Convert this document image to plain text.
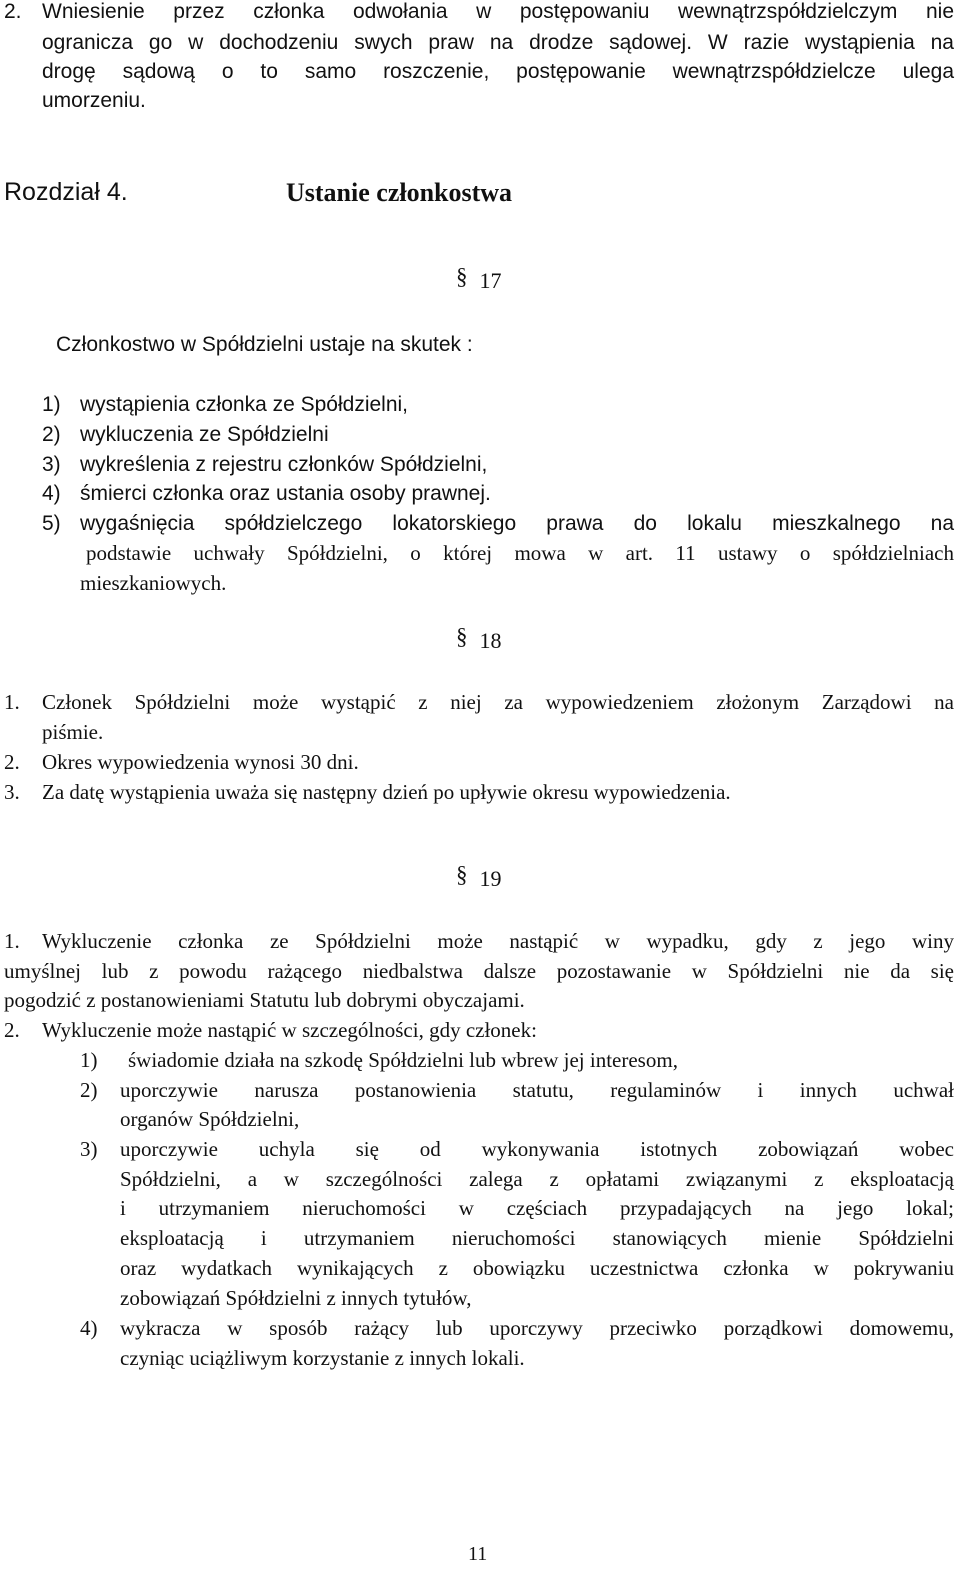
2. Wniesienie przez członka odwołania w postępowaniu wewnątrzspółdzielczym nie
ogranicza go w dochodzeniu swych praw na drodze sądowej. W razie wystąpienia na
drogę sądową o to samo roszczenie, postępowanie wewnątrzspółdzielcze ulega
umorzeniu.
Rozdział 4.	Ustanie członkostwa
§ 17
Członkostwo w Spółdzielni ustaje na skutek :
1) wystąpienia członka ze Spółdzielni,
2) wykluczenia ze Spółdzielni
3) wykreślenia z rejestru członków Spółdzielni,
4) śmierci członka oraz ustania osoby prawnej.
5) wygaśnięcia spółdzielczego lokatorskiego prawa do lokalu mieszkalnego na
podstawie uchwały Spółdzielni, o której mowa w art. 11 ustawy o spółdzielniach
mieszkaniowych.
§ 18
1. Członek Spółdzielni może wystąpić z niej za wypowiedzeniem złożonym Zarządowi na
piśmie.
2. Okres wypowiedzenia wynosi 30 dni.
3. Za datę wystąpienia uważa się następny dzień po upływie okresu wypowiedzenia.
§ 19
1. Wykluczenie członka ze Spółdzielni może nastąpić w wypadku, gdy z jego winy
umyślnej lub z powodu rażącego niedbalstwa dalsze pozostawanie w Spółdzielni nie da się
pogodzić z postanowieniami Statutu lub dobrymi obyczajami.
2. Wykluczenie może nastąpić w szczególności, gdy członek:
1) świadomie działa na szkodę Spółdzielni lub wbrew jej interesom,
2) uporczywie narusza postanowienia statutu, regulaminów i innych uchwał
organów Spółdzielni,
3) uporczywie uchyla się od wykonywania istotnych zobowiązań wobec
Spółdzielni, a w szczególności zalega z opłatami związanymi z eksploatacją
i utrzymaniem nieruchomości w częściach przypadających na jego lokal;
eksploatacją i utrzymaniem nieruchomości stanowiących mienie Spółdzielni
oraz wydatkach wynikających z obowiązku uczestnictwa członka w pokrywaniu
zobowiązań Spółdzielni z innych tytułów,
4) wykracza w sposób rażący lub uporczywy przeciwko porządkowi domowemu,
czyniąc uciążliwym korzystanie z innych lokali.
11
